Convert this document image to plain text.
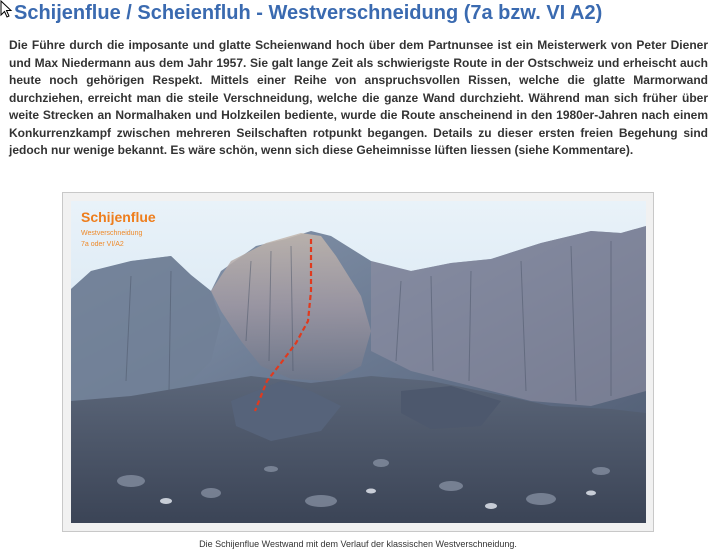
Schijenflue / Scheienfluh - Westverschneidung (7a bzw. VI A2)

Die Führe durch die imposante und glatte Scheienwand hoch über dem Partnunsee ist ein Meisterwerk von Peter Diener und Max Niedermann aus dem Jahr 1957. Sie galt lange Zeit als schwierigste Route in der Ostschweiz und erheischt auch heute noch gehörigen Respekt. Mittels einer Reihe von anspruchsvollen Rissen, welche die glatte Marmorwand durchziehen, erreicht man die steile Verschneidung, welche die ganze Wand durchzieht. Während man sich früher über weite Strecken an Normalhaken und Holzkeilen bediente, wurde die Route anscheinend in den 1980er-Jahren nach einem Konkurrenzkampf zwischen mehreren Seilschaften rotpunkt begangen. Details zu dieser ersten freien Begehung sind jedoch nur wenige bekannt. Es wäre schön, wenn sich diese Geheimnisse lüften liessen (siehe Kommentare).

Schijenflue
Westverschneidung
7a oder VI/A2

Die Schijenflue Westwand mit dem Verlauf der klassischen Westverschneidung.
